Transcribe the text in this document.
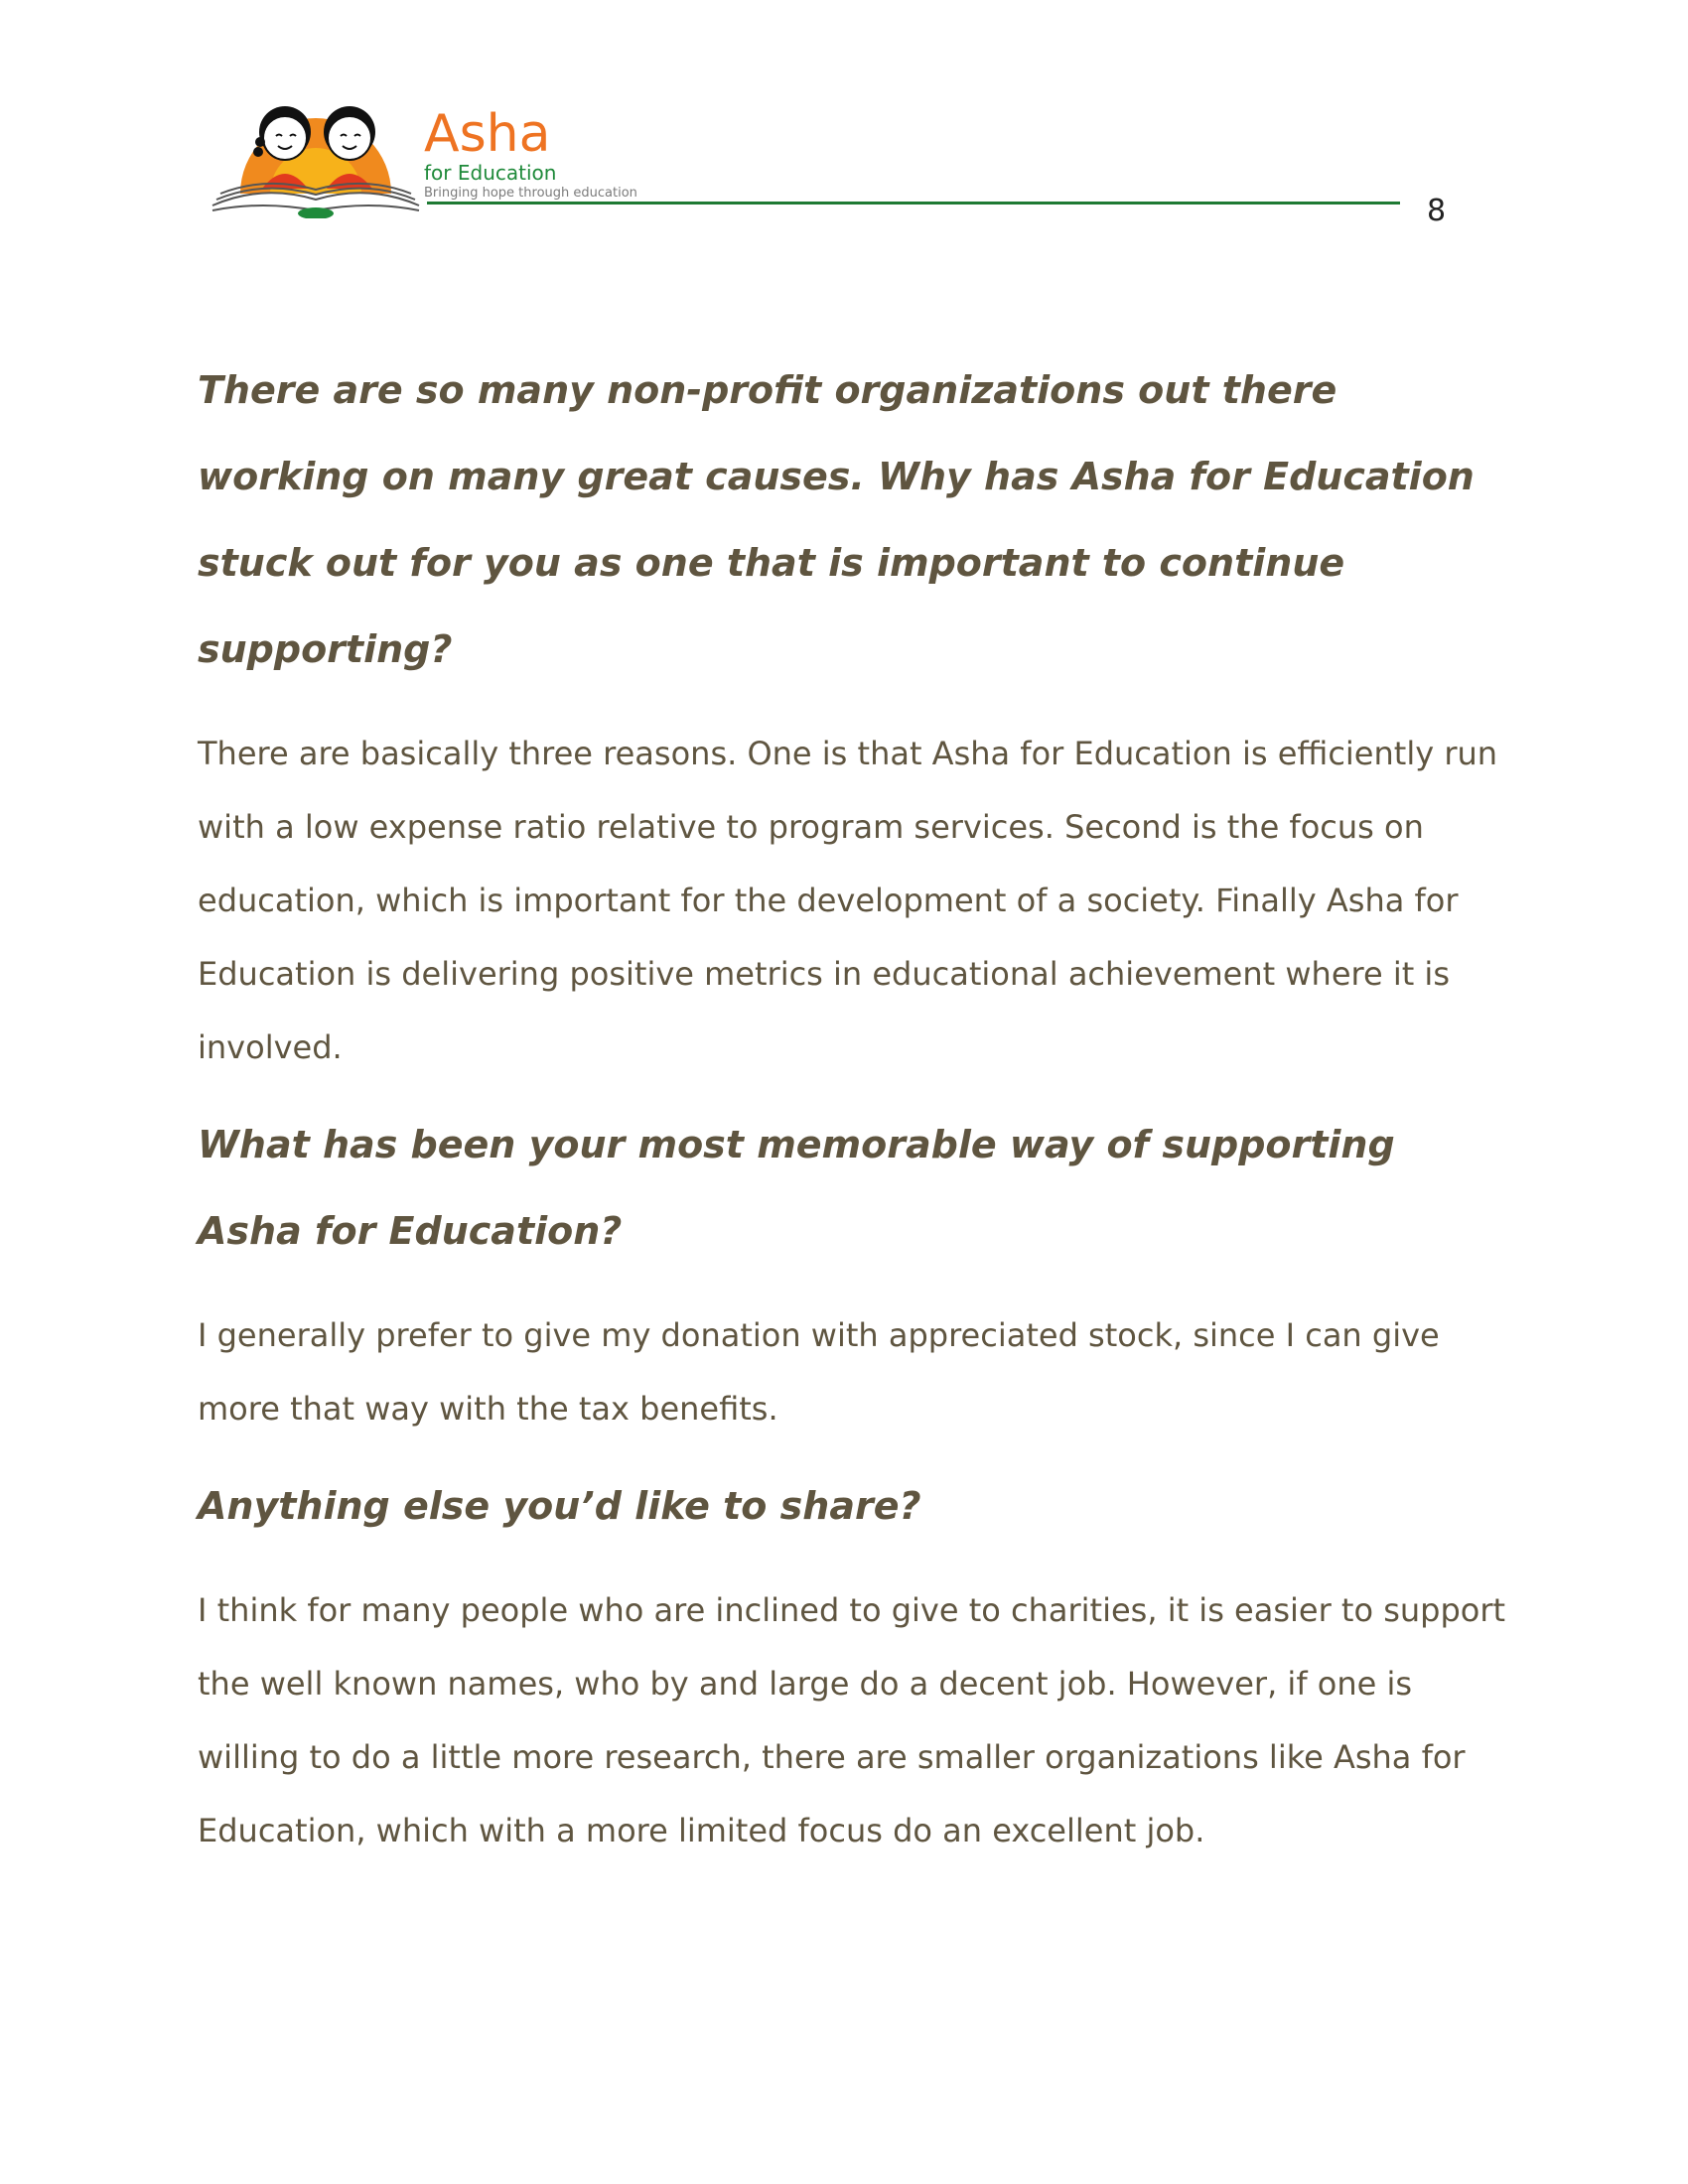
Asha
for Education
Bringing hope through education
8

There are so many non-profit organizations out there working on many great causes. Why has Asha for Education stuck out for you as one that is important to continue supporting?

There are basically three reasons. One is that Asha for Education is efficiently run with a low expense ratio relative to program services. Second is the focus on education, which is important for the development of a society. Finally Asha for Education is delivering positive metrics in educational achievement where it is involved.

What has been your most memorable way of supporting Asha for Education?

I generally prefer to give my donation with appreciated stock, since I can give more that way with the tax benefits.

Anything else you’d like to share?

I think for many people who are inclined to give to charities, it is easier to support the well known names, who by and large do a decent job. However, if one is willing to do a little more research, there are smaller organizations like Asha for Education, which with a more limited focus do an excellent job.
